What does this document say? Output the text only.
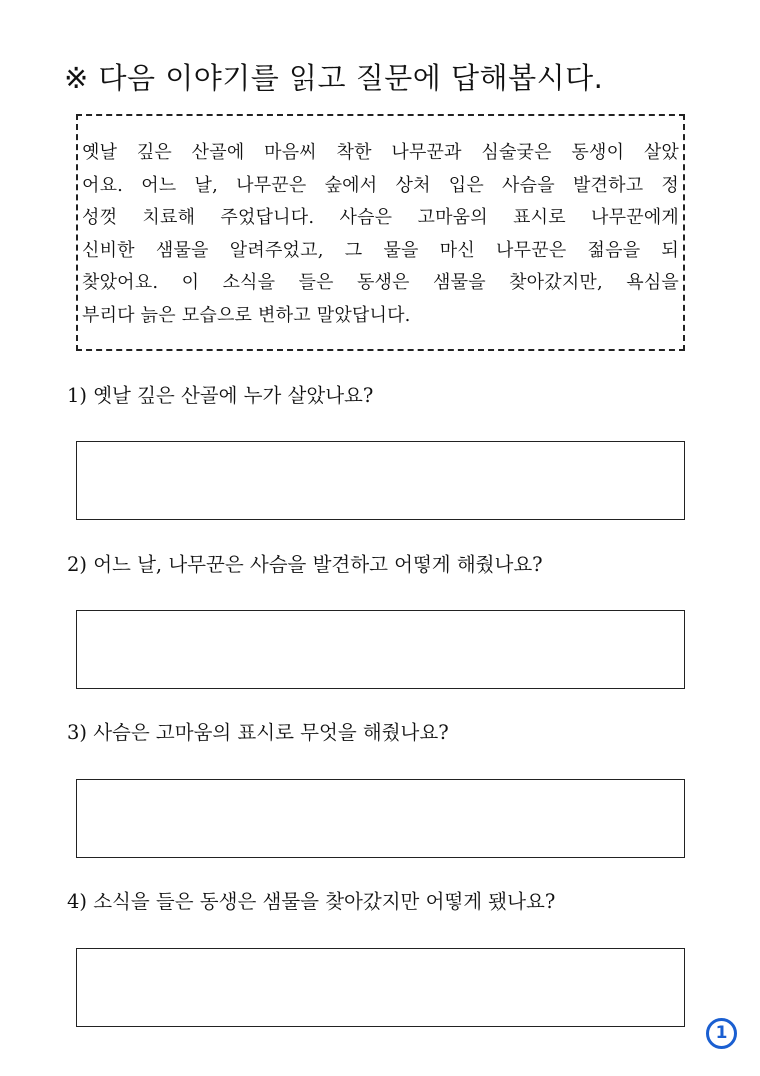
※ 다음 이야기를 읽고 질문에 답해봅시다.
옛날 깊은 산골에 마음씨 착한 나무꾼과 심술궂은 동생이 살았
어요. 어느 날, 나무꾼은 숲에서 상처 입은 사슴을 발견하고 정
성껏 치료해 주었답니다. 사슴은 고마움의 표시로 나무꾼에게
신비한 샘물을 알려주었고, 그 물을 마신 나무꾼은 젊음을 되
찾았어요. 이 소식을 들은 동생은 샘물을 찾아갔지만, 욕심을
부리다 늙은 모습으로 변하고 말았답니다.
1) 옛날 깊은 산골에 누가 살았나요?
2) 어느 날, 나무꾼은 사슴을 발견하고 어떻게 해줬나요?
3) 사슴은 고마움의 표시로 무엇을 해줬나요?
4) 소식을 들은 동생은 샘물을 찾아갔지만 어떻게 됐나요?
1
